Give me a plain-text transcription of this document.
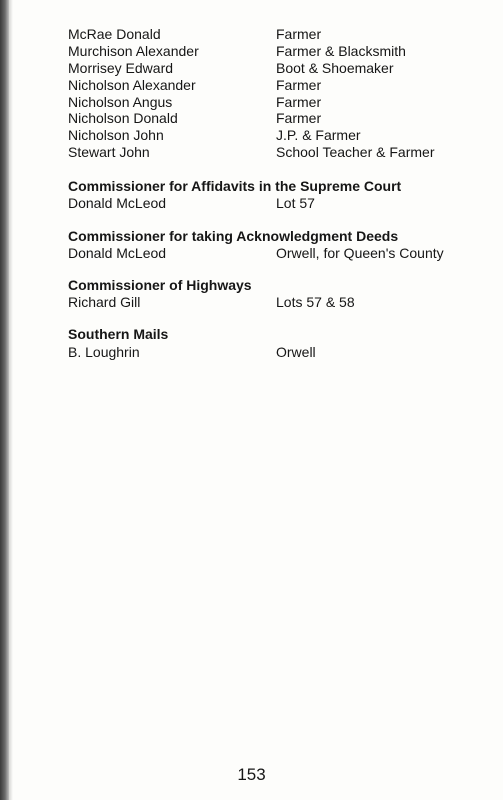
McRae Donald	Farmer
Murchison Alexander	Farmer & Blacksmith
Morrisey Edward	Boot & Shoemaker
Nicholson Alexander	Farmer
Nicholson Angus	Farmer
Nicholson Donald	Farmer
Nicholson John	J.P. & Farmer
Stewart John	School Teacher & Farmer
Commissioner for Affidavits in the Supreme Court
Donald McLeod	Lot 57
Commissioner for taking Acknowledgment Deeds
Donald McLeod	Orwell, for Queen's County
Commissioner of Highways
Richard Gill	Lots 57 & 58
Southern Mails
B. Loughrin	Orwell
153
